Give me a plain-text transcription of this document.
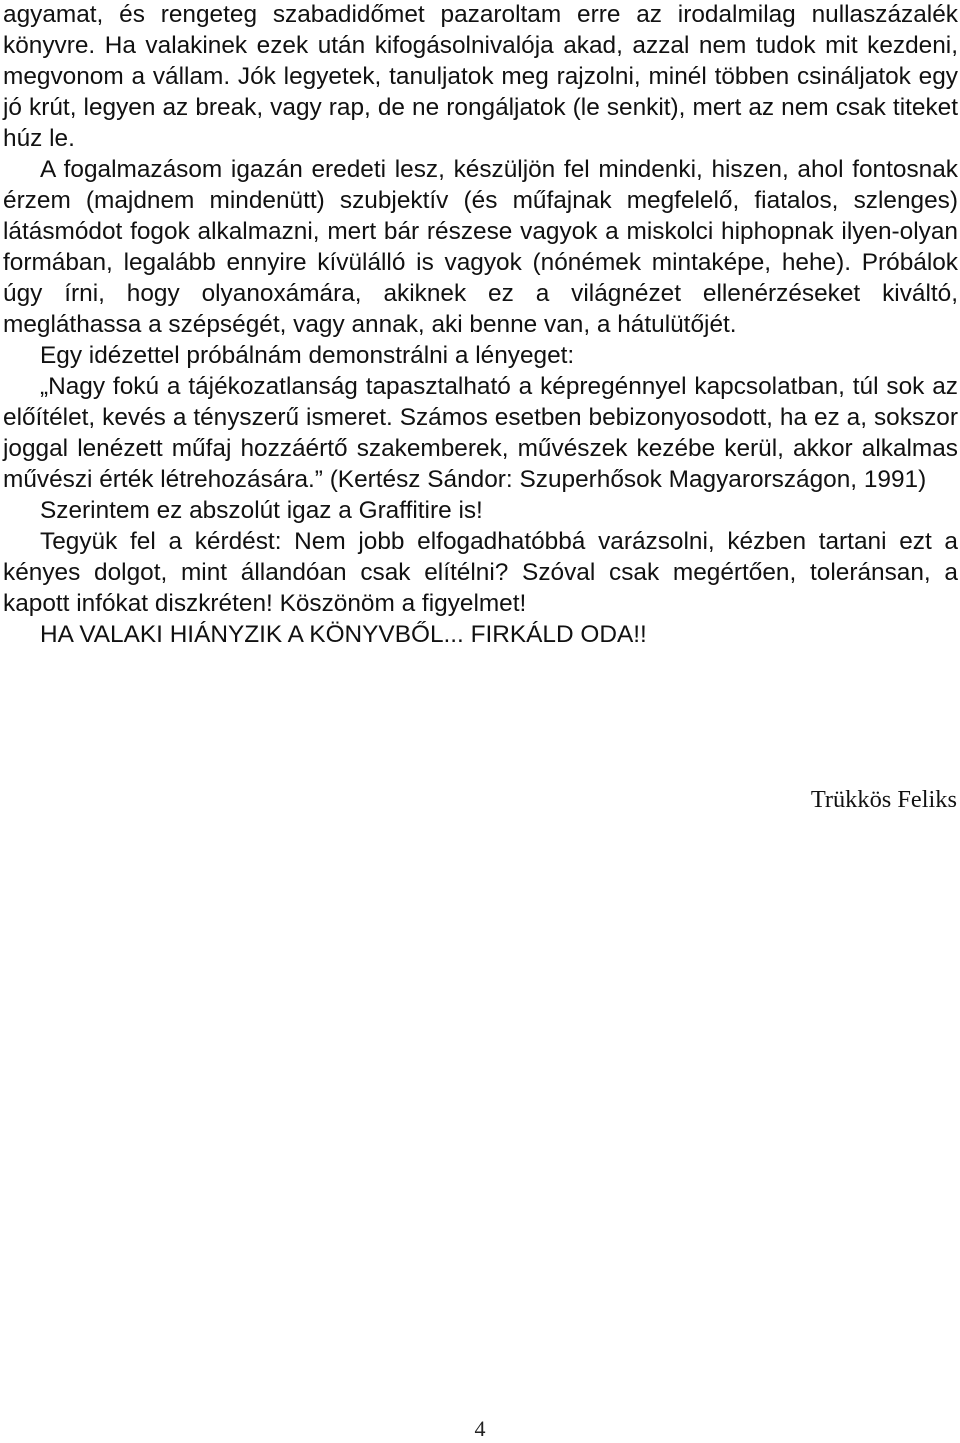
agyamat, és rengeteg szabadidőmet pazaroltam erre az irodalmilag nullaszázalék könyvre. Ha valakinek ezek után kifogásolnivalója akad, azzal nem tudok mit kezdeni, megvonom a vállam. Jók legyetek, tanuljatok meg rajzolni, minél többen csináljatok egy jó krút, legyen az break, vagy rap, de ne rongáljatok (le senkit), mert az nem csak titeket húz le.

A fogalmazásom igazán eredeti lesz, készüljön fel mindenki, hiszen, ahol fontosnak érzem (majdnem mindenütt) szubjektív (és műfajnak megfelelő, fiatalos, szlenges) látásmódot fogok alkalmazni, mert bár részese vagyok a miskolci hiphopnak ilyen-olyan formában, legalább ennyire kívülálló is vagyok (nónémek mintaképe, hehe). Próbálok úgy írni, hogy olyanoxámára, akiknek ez a világnézet ellenérzéseket kiváltó, megláthassa a szépségét, vagy annak, aki benne van, a hátulütőjét.

Egy idézettel próbálnám demonstrálni a lényeget:

„Nagy fokú a tájékozatlanság tapasztalható a képregénnyel kapcsolatban, túl sok az előítélet, kevés a tényszerű ismeret. Számos esetben bebizonyosodott, ha ez a, sokszor joggal lenézett műfaj hozzáértő szakemberek, művészek kezébe kerül, akkor alkalmas művészi érték létrehozására.” (Kertész Sándor: Szuperhősok Magyarországon, 1991)

Szerintem ez abszolút igaz a Graffitire is!

Tegyük fel a kérdést: Nem jobb elfogadhatóbbá varázsolni, kézben tartani ezt a kényes dolgot, mint állandóan csak elítélni? Szóval csak megértően, toleránsan, a kapott infókat diszkréten! Köszönöm a figyelmet!

HA VALAKI HIÁNYZIK A KÖNYVBŐL... FIRKÁLD ODA!!

Trükkös Feliks

4
